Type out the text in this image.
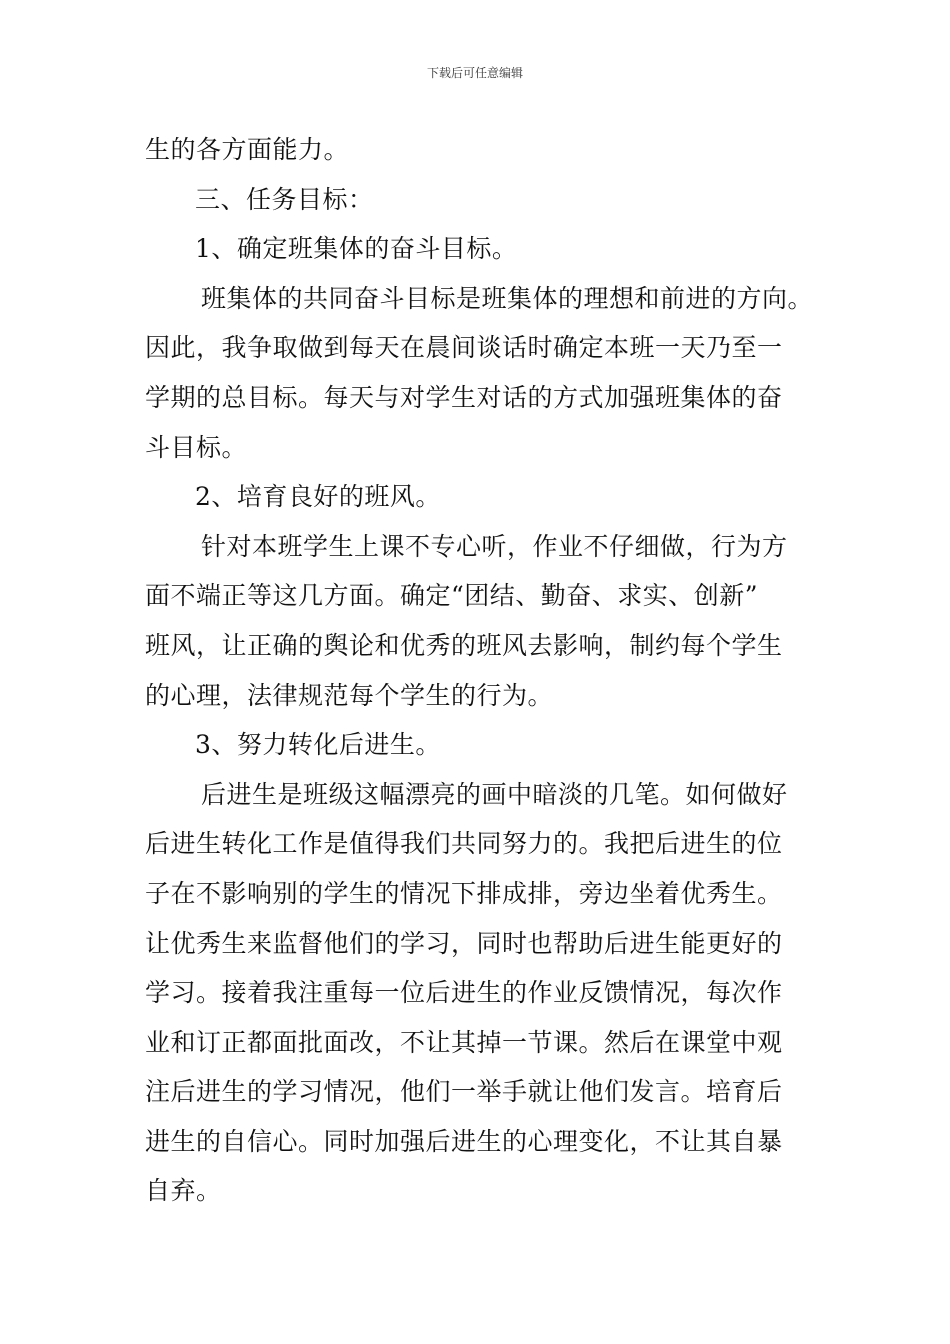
下载后可任意编辑
生的各方面能力。
三、任务目标：
1、确定班集体的奋斗目标。
班集体的共同奋斗目标是班集体的理想和前进的方向。
因此，我争取做到每天在晨间谈话时确定本班一天乃至一
学期的总目标。每天与对学生对话的方式加强班集体的奋
斗目标。
2、培育良好的班风。
针对本班学生上课不专心听，作业不仔细做，行为方
面不端正等这几方面。确定“团结、勤奋、求实、创新”
班风，让正确的舆论和优秀的班风去影响，制约每个学生
的心理，法律规范每个学生的行为。
3、努力转化后进生。
后进生是班级这幅漂亮的画中暗淡的几笔。如何做好
后进生转化工作是值得我们共同努力的。我把后进生的位
子在不影响别的学生的情况下排成排，旁边坐着优秀生。
让优秀生来监督他们的学习，同时也帮助后进生能更好的
学习。接着我注重每一位后进生的作业反馈情况，每次作
业和订正都面批面改，不让其掉一节课。然后在课堂中观
注后进生的学习情况，他们一举手就让他们发言。培育后
进生的自信心。同时加强后进生的心理变化，不让其自暴
自弃。
